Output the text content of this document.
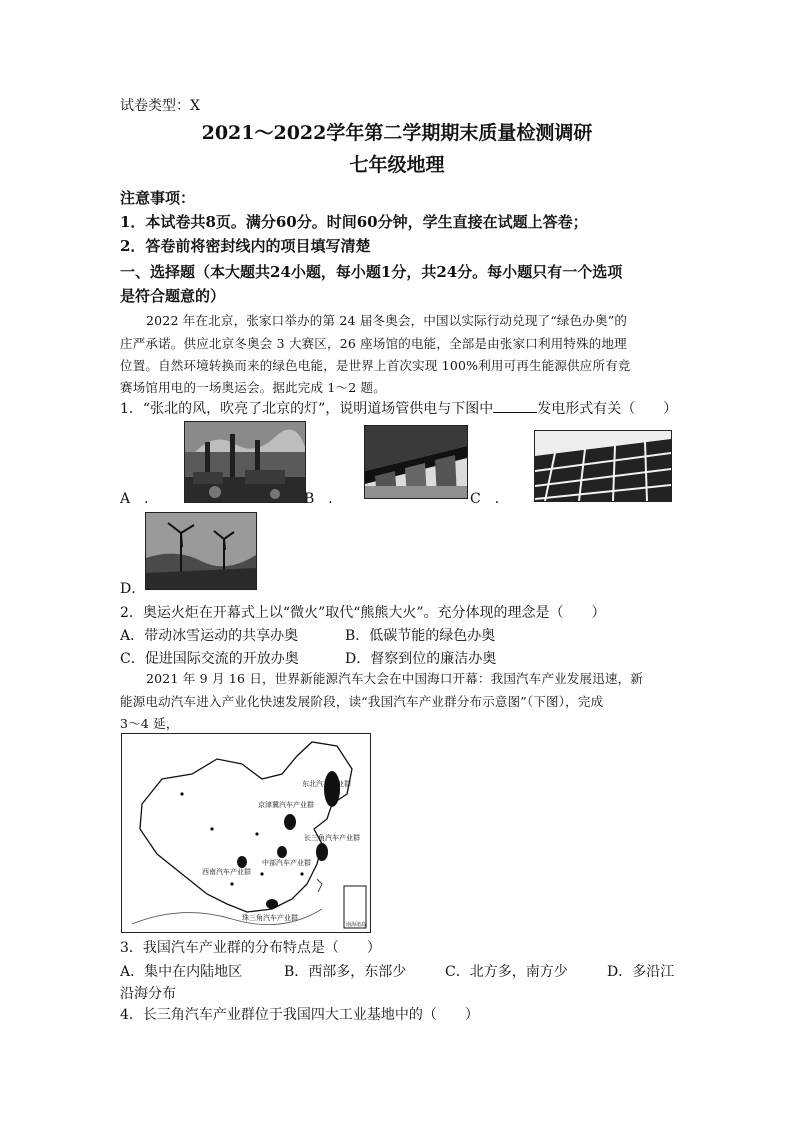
试卷类型：X
2021～2022学年第二学期期末质量检测调研
七年级地理
注意事项：
1．本试卷共8页。满分60分。时间60分钟，学生直接在试题上答卷；
2．答卷前将密封线内的项目填写清楚
一、选择题（本大题共24小题，每小题1分，共24分。每小题只有一个选项
是符合题意的）
2022 年在北京，张家口举办的第 24 届冬奥会，中国以实际行动兑现了“绿色办奥”的
庄严承诺。供应北京冬奥会 3 大赛区，26 座场馆的电能，全部是由张家口利用特殊的地理
位置。自然环境转换而来的绿色电能，是世界上首次实现 100%利用可再生能源供应所有竞
赛场馆用电的一场奥运会。据此完成 1～2 题。
1．“张北的风，吹亮了北京的灯”，说明道场管供电与下图中	发电形式有关（　　）
A　．	B　．	C　．
D．
2．奥运火炬在开幕式上以“微火”取代“熊熊大火”。充分体现的理念是（　　）
A．带动冰雪运动的共享办奥	B．低碳节能的绿色办奥
C．促进国际交流的开放办奥	D．督察到位的廉洁办奥
2021 年 9 月 16 日，世界新能源汽车大会在中国海口开幕：我国汽车产业发展迅速，新
能源电动汽车进入产业化快速发展阶段，读“我国汽车产业群分布示意图”（下图），完成
3～4 延，
东北汽车产业群
京津冀汽车产业群
中部汽车产业群
长三角汽车产业群
西南汽车产业群
珠三角汽车产业群
南海诸岛
3．我国汽车产业群的分布特点是（　　）
A．集中在内陆地区	B．西部多，东部少	C．北方多，南方少	D．多沿江
沿海分布
4．长三角汽车产业群位于我国四大工业基地中的（　　）
